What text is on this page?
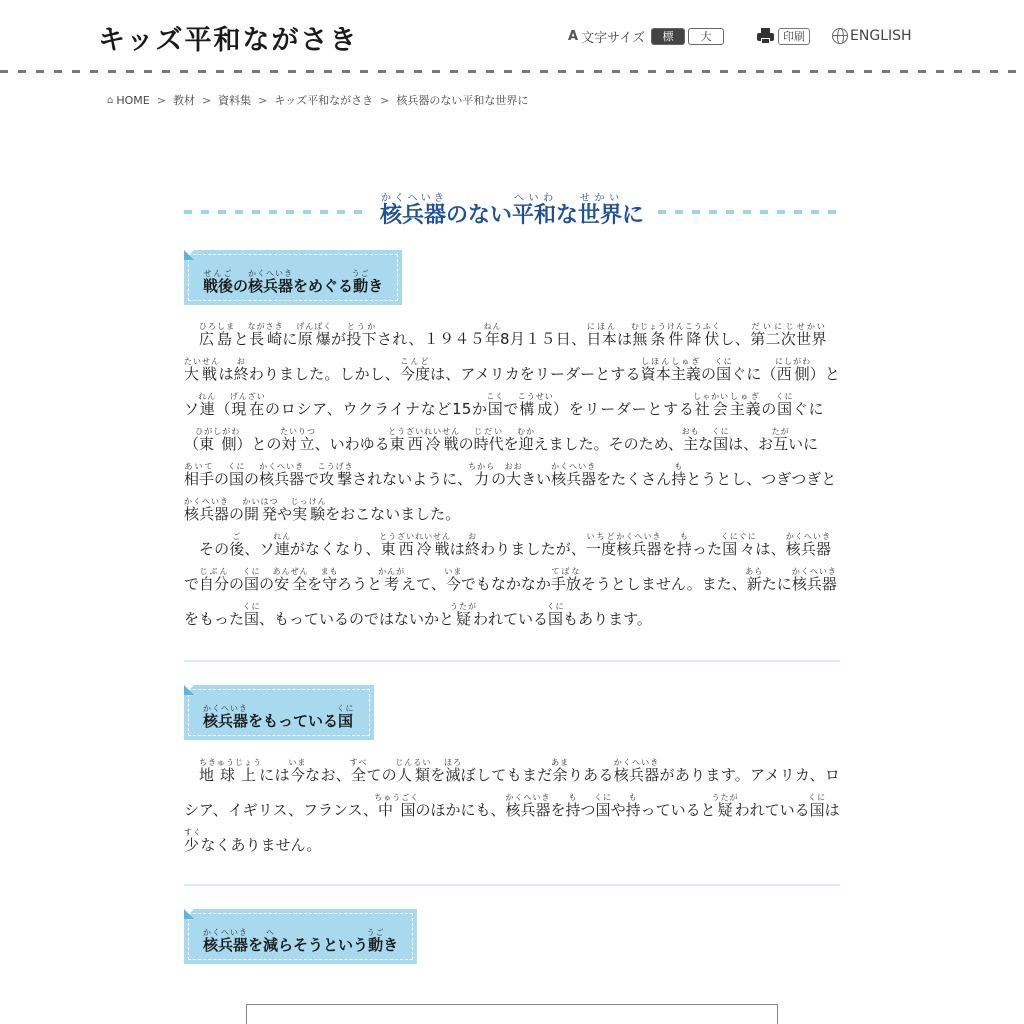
キッズ平和ながさき	A 文字サイズ	標準
大	印刷	ENGLISH
⌂ HOME > 教材 > 資料集 > キッズ平和ながさき > 核兵器のない平和な世界に
核兵器かくへいきのない平和へいわな世界せかいに
戦後せんごの核兵器かくへいきをめぐる動うごき

広島ひろしまと長崎ながさきに原爆げんばくが投下とうかされ、１９４５年ねん8月１５日、日本にほんは無条件降伏むじょうけんこうふくし、第二次だいにじ世界せかい大戦たいせんは終おわりました。しかし、今度こんどは、アメリカをリーダーとする資本しほん主義しゅぎの国くにぐに（西側にしがわ）とソ連れん（現在げんざいのロシア、ウクライナなど15か国こくで構成こうせい）をリーダーとする社会しゃかい主義しゅぎの国くにぐに（東側ひがしがわ）との対立たいりつ、いわゆる東西冷戦とうざいれいせんの時代じだいを迎むかえました。そのため、主おもな国くには、お互たがいに相手あいての国くにの核兵器かくへいきで攻撃こうげきされないように、力ちからの大おおきい核兵器かくへいきをたくさん持もとうとし、つぎつぎと核兵器かくへいきの開発かいはつや実験じっけんをおこないました。

その後ご、ソ連れんがなくなり、東西冷戦とうざいれいせんは終おわりましたが、一度いちど核兵器かくへいきを持もった国々くにぐには、核兵器かくへいきで自分じぶんの国くにの安全あんぜんを守まもろうと考かんがえて、今いまでもなかなか手放てばなそうとしません。また、新あらたに核兵器かくへいきをもった国くに、もっているのではないかと疑うたがわれている国くにもあります。

核兵器かくへいきをもっている国くに

地球上ちきゅうじょうには今いまなお、全すべての人類じんるいを滅ほろぼしてもまだ余あまりある核兵器かくへいきがあります。アメリカ、ロシア、イギリス、フランス、中国ちゅうごくのほかにも、核兵器かくへいきを持もつ国くにや持もっていると疑うたがわれている国くには少すくなくありません。

核兵器かくへいきを減へらそうという動うごき
